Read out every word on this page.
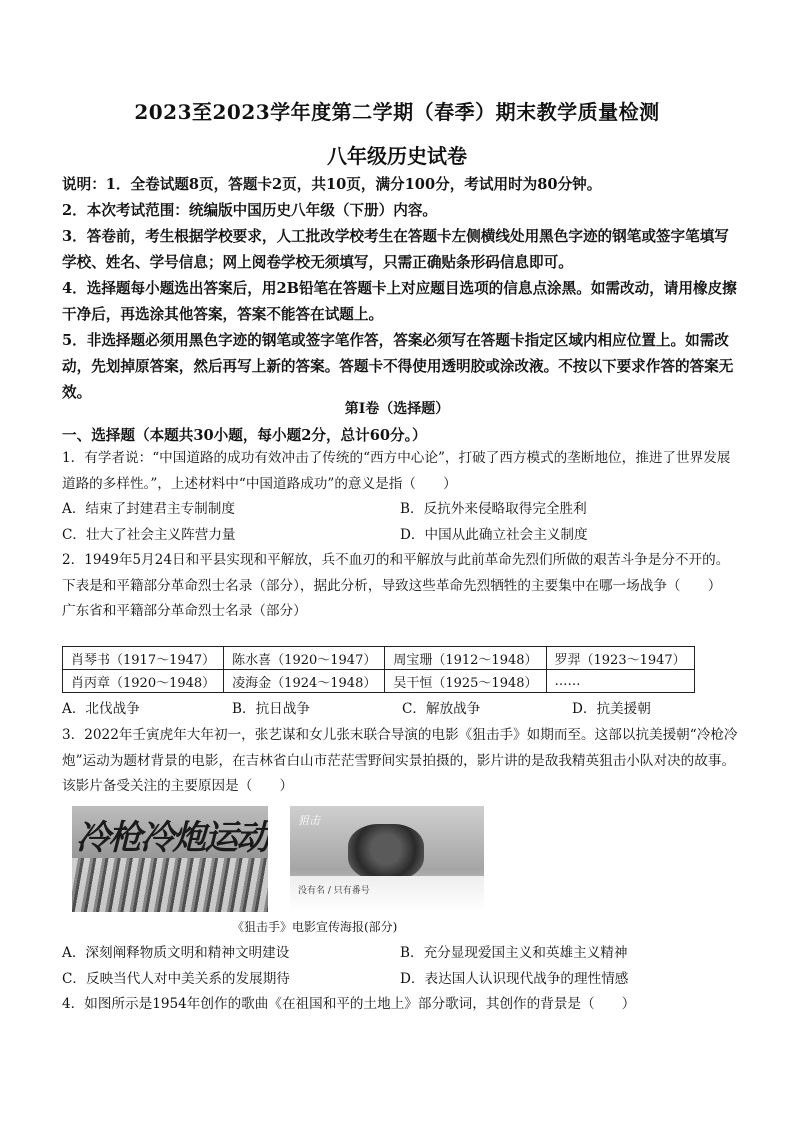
2023至2023学年度第二学期（春季）期末教学质量检测
八年级历史试卷

说明：1．全卷试题8页，答题卡2页，共10页，满分100分，考试用时为80分钟。

2．本次考试范围：统编版中国历史八年级（下册）内容。

3．答卷前，考生根据学校要求，人工批改学校考生在答题卡左侧横线处用黑色字迹的钢笔或签字笔填写学校、姓名、学号信息；网上阅卷学校无须填写，只需正确贴条形码信息即可。

4．选择题每小题选出答案后，用2B铅笔在答题卡上对应题目选项的信息点涂黑。如需改动，请用橡皮擦干净后，再选涂其他答案，答案不能答在试题上。

5．非选择题必须用黑色字迹的钢笔或签字笔作答，答案必须写在答题卡指定区域内相应位置上。如需改动，先划掉原答案，然后再写上新的答案。答题卡不得使用透明胶或涂改液。不按以下要求作答的答案无效。

第Ⅰ卷（选择题）
一、选择题（本题共30小题，每小题2分，总计60分。）

1．有学者说：“中国道路的成功有效冲击了传统的“西方中心论”，打破了西方模式的垄断地位，推进了世界发展道路的多样性。”，上述材料中“中国道路成功”的意义是指（　　）

A．结束了封建君主专制制度	B．反抗外来侵略取得完全胜利
C．壮大了社会主义阵营力量	D．中国从此确立社会主义制度

2．1949年5月24日和平县实现和平解放，兵不血刃的和平解放与此前革命先烈们所做的艰苦斗争是分不开的。下表是和平籍部分革命烈士名录（部分），据此分析，导致这些革命先烈牺牲的主要集中在哪一场战争（　　）

广东省和平籍部分革命烈士名录（部分）

肖琴书（1917～1947）	陈水喜（1920～1947）	周宝珊（1912～1948）	罗羿（1923～1947）
肖丙章（1920～1948）	凌海金（1924～1948）	吴干恒（1925～1948）	……
A．北伐战争	B．抗日战争	C．解放战争	D．抗美援朝

3．2022年壬寅虎年大年初一，张艺谋和女儿张末联合导演的电影《狙击手》如期而至。这部以抗美援朝“冷枪冷炮”运动为题材背景的电影，在吉林省白山市茫茫雪野间实景拍摄的，影片讲的是敌我精英狙击小队对决的故事。该影片备受关注的主要原因是（　　）

冷枪冷炮运动	狙击
没有名 / 只有番号
《狙击手》电影宣传海报(部分)
A．深刻阐释物质文明和精神文明建设	B．充分显现爱国主义和英雄主义精神
C．反映当代人对中美关系的发展期待	D．表达国人认识现代战争的理性情感

4．如图所示是1954年创作的歌曲《在祖国和平的土地上》部分歌词，其创作的背景是（　　）
